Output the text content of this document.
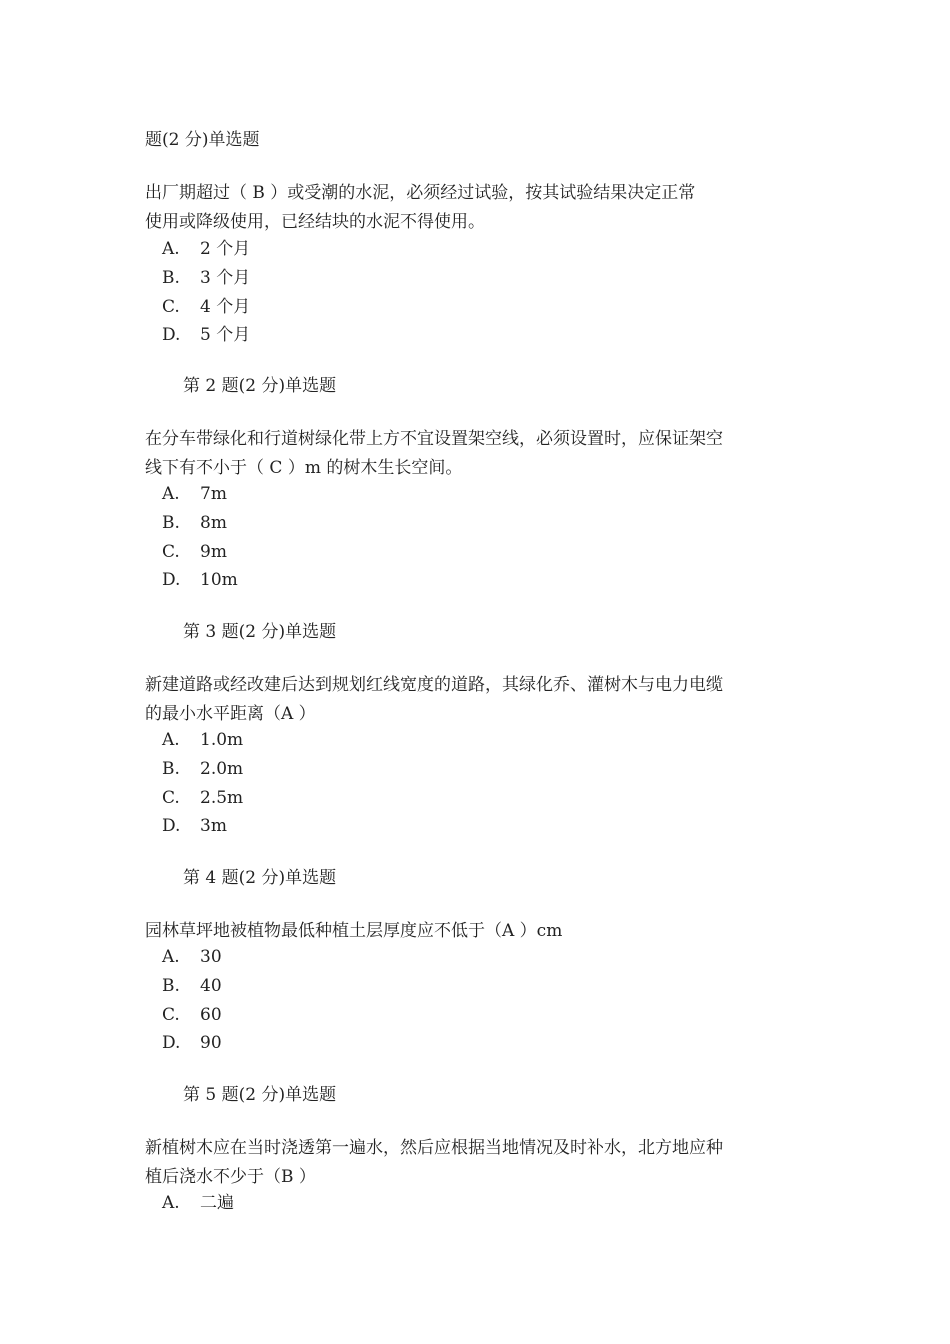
题(2 分)单选题
出厂期超过（ B ）或受潮的水泥，必须经过试验，按其试验结果决定正常
使用或降级使用，已经结块的水泥不得使用。
A. 2 个月
B. 3 个月
C. 4 个月
D. 5 个月
第 2 题(2 分)单选题
在分车带绿化和行道树绿化带上方不宜设置架空线，必须设置时，应保证架空
线下有不小于（ C ）m 的树木生长空间。
A. 7m
B. 8m
C. 9m
D. 10m
第 3 题(2 分)单选题
新建道路或经改建后达到规划红线宽度的道路，其绿化乔、灌树木与电力电缆
的最小水平距离（A ）
A. 1.0m
B. 2.0m
C. 2.5m
D. 3m
第 4 题(2 分)单选题
园林草坪地被植物最低种植土层厚度应不低于（A ）cm
A. 30
B. 40
C. 60
D. 90
第 5 题(2 分)单选题
新植树木应在当时浇透第一遍水，然后应根据当地情况及时补水，北方地应种
植后浇水不少于（B ）
A. 二遍
